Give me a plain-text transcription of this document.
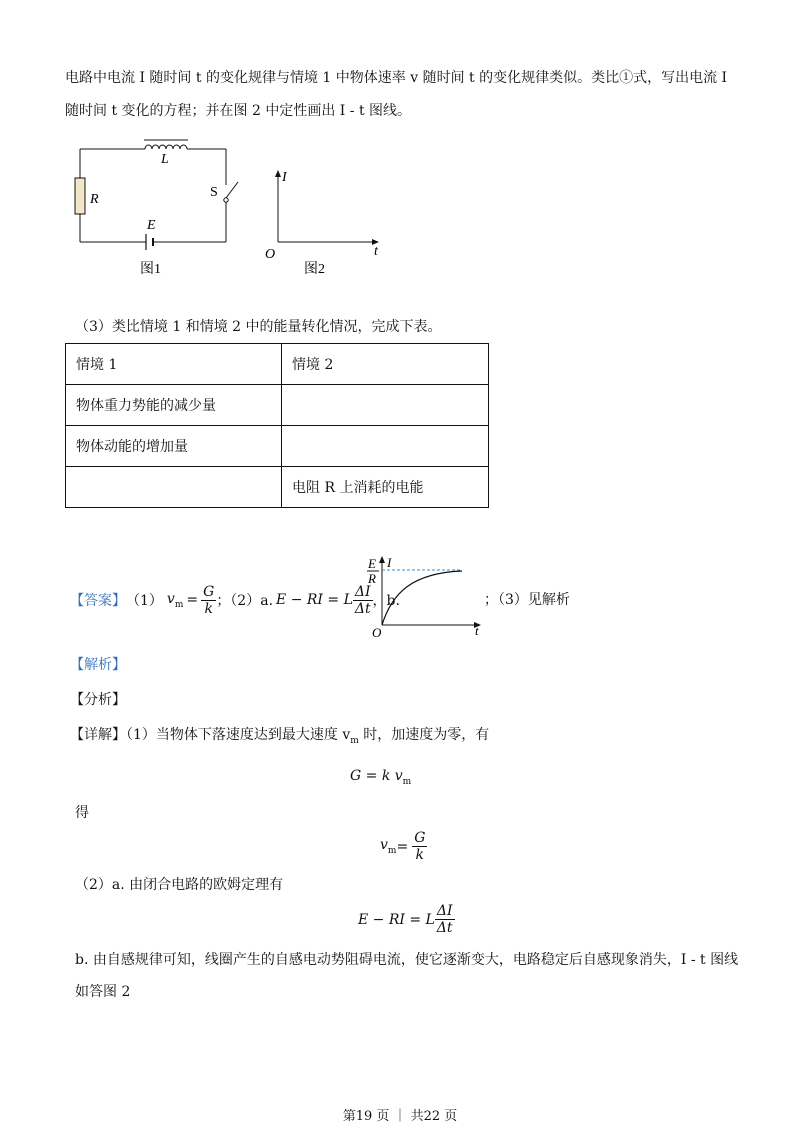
电路中电流 I 随时间 t 的变化规律与情境 1 中物体速率 v 随时间 t 的变化规律类似。类比①式，写出电流 I
随时间 t 变化的方程；并在图 2 中定性画出 I - t 图线。
L
R	S
E
图1
I
O	t
图2
（3）类比情境 1 和情境 2 中的能量转化情况，完成下表。
情境 1	情境 2
物体重力势能的减少量	
物体动能的增加量	
	电阻 R 上消耗的电能
【答案】 （1） $v_m = \frac{G}{k}$ ；（2）a. E − RI = L $\frac{\Delta I}{\Delta t}$ ，b.
E
R
I
O	t
；（3）见解析
【解析】
【分析】
【详解】（1）当物体下落速度达到最大速度 $v_m$ 时，加速度为零，有
G = k $v_m$
得
$v_m = \frac{G}{k}$
（2）a. 由闭合电路的欧姆定理有
E − RI = L $\frac{\Delta I}{\Delta t}$
b. 由自感规律可知，线圈产生的自感电动势阻碍电流，使它逐渐变大，电路稳定后自感现象消失，I - t 图线
如答图 2
第19 页 ｜ 共22 页
